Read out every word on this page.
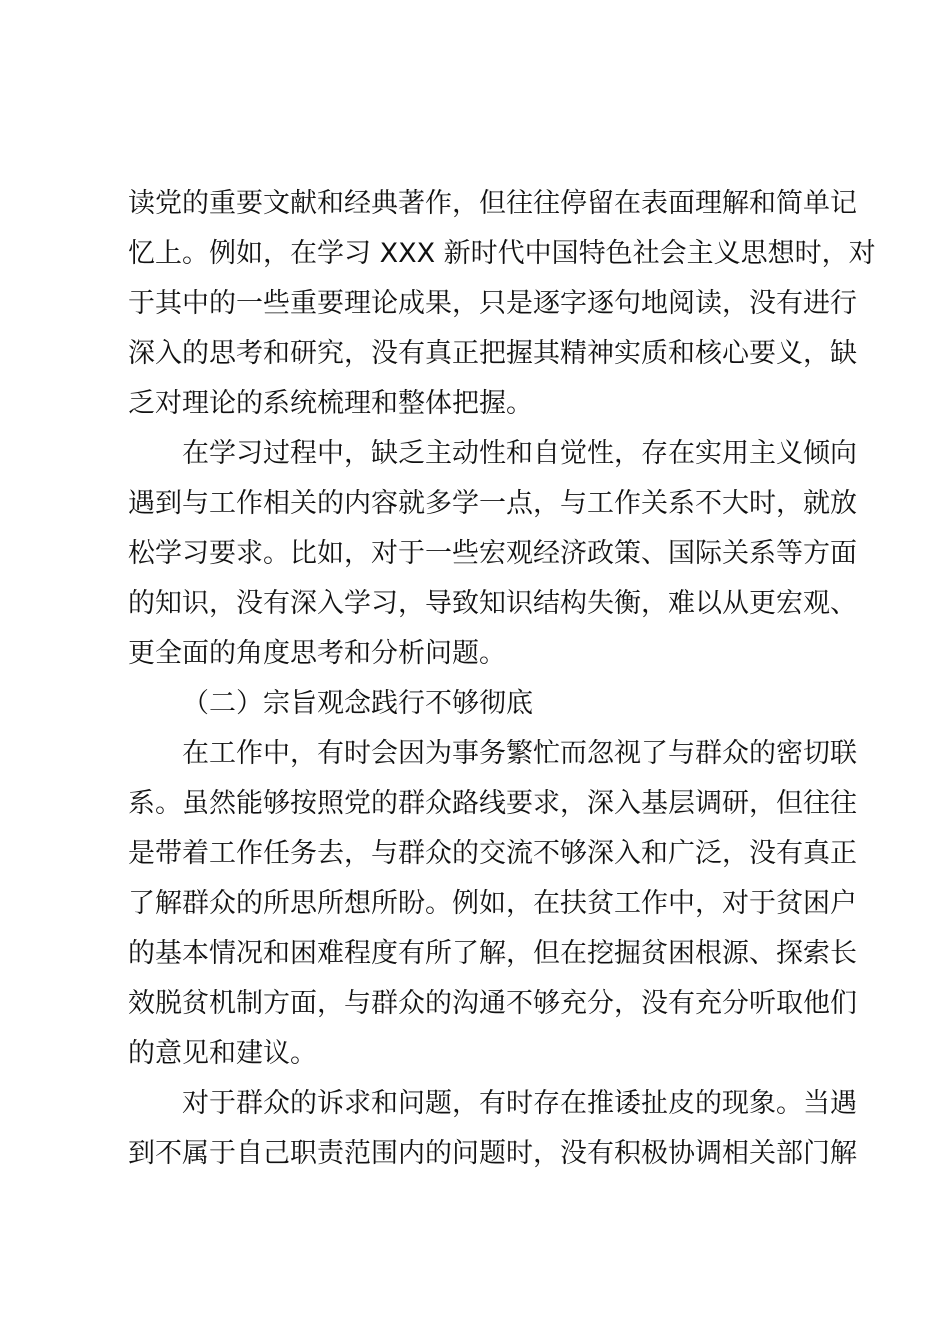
读党的重要文献和经典著作，但往往停留在表面理解和简单记
忆上。例如，在学习 XXX 新时代中国特色社会主义思想时，对
于其中的一些重要理论成果，只是逐字逐句地阅读，没有进行
深入的思考和研究，没有真正把握其精神实质和核心要义，缺
乏对理论的系统梳理和整体把握。
在学习过程中，缺乏主动性和自觉性，存在实用主义倾向
遇到与工作相关的内容就多学一点，与工作关系不大时，就放
松学习要求。比如，对于一些宏观经济政策、国际关系等方面
的知识，没有深入学习，导致知识结构失衡，难以从更宏观、
更全面的角度思考和分析问题。
（二）宗旨观念践行不够彻底
在工作中，有时会因为事务繁忙而忽视了与群众的密切联
系。虽然能够按照党的群众路线要求，深入基层调研，但往往
是带着工作任务去，与群众的交流不够深入和广泛，没有真正
了解群众的所思所想所盼。例如，在扶贫工作中，对于贫困户
的基本情况和困难程度有所了解，但在挖掘贫困根源、探索长
效脱贫机制方面，与群众的沟通不够充分，没有充分听取他们
的意见和建议。
对于群众的诉求和问题，有时存在推诿扯皮的现象。当遇
到不属于自己职责范围内的问题时，没有积极协调相关部门解
